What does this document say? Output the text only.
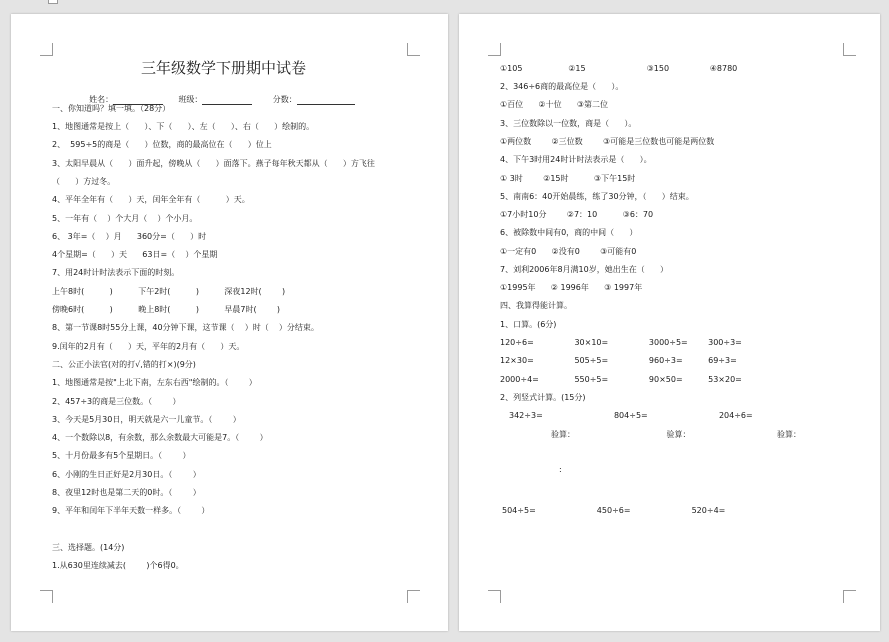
三年级数学下册期中试卷

姓名：	班级：	分数：

一、你知道吗？填一填。（28分）
1、地图通常是按上（      ）、下（      ）、左（      ）、右（      ）绘制的。
2、  595÷5的商是（      ）位数，商的最高位在（      ）位上
3、太阳早晨从（      ）面升起，傍晚从（      ）面落下。燕子每年秋天都从（      ）方飞往
（      ）方过冬。
4、平年全年有（      ）天，闰年全年有（          ）天。
5、一年有（    ）个大月（    ）个小月。
6、 3年=（    ）月      360分=（      ）时
4个星期=（      ）天      63日=（    ）个星期
7、用24时计时法表示下面的时刻。
上午8时(          )          下午2时(          )          深夜12时(        )
傍晚6时(          )          晚上8时(          )          早晨7时(        )
8、第一节课8时55分上课，40分钟下课，这节课（    ）时（    ）分结束。
9.闰年的2月有（      ）天，平年的2月有（      ）天。
二、公正小法官(对的打√,错的打×)(9分)
1、地图通常是按"上北下南，左东右西"绘制的。（        ）
2、457÷3的商是三位数。（        ）
3、今天是5月30日，明天就是六一儿童节。（        ）
4、一个数除以8，有余数，那么余数最大可能是7。（        ）
5、十月份最多有5个星期日。（        ）
6、小刚的生日正好是2月30日。（        ）
8、夜里12时也是第二天的0时。（        ）
9、平年和闰年下半年天数一样多。（        ）
三、选择题。(14分)
1.从630里连续减去(        )个6得0。
①105                  ②15                        ③150                ④8780
2、346÷6商的最高位是（      ）。
①百位      ②十位      ③第二位
3、三位数除以一位数，商是（      ）。
①两位数        ②三位数        ③可能是三位数也可能是两位数
4、下午3时用24时计时法表示是（      ）。
① 3时        ②15时          ③下午15时
5、南南6：40开始晨练，练了30分钟，（      ）结束。
①7小时10分        ②7：10          ③6：70
6、被除数中间有0，商的中间（      ）
①一定有0      ②没有0        ③可能有0
7、刘利2006年8月满10岁，她出生在（      ）
①1995年      ② 1996年      ③ 1997年
四、我算得能计算。
1、口算。(6分)
120÷6=                30×10=                3000÷5=        300÷3=
12×30=                505÷5=                960÷3=          69÷3=
2000÷4=              550÷5=                90×50=          53×20=
2、列竖式计算。(15分)
342÷3=                            804÷5=                            204÷6=
验算：                                    验算：                                  验算：
:
504÷5=                        450÷6=                        520÷4=
